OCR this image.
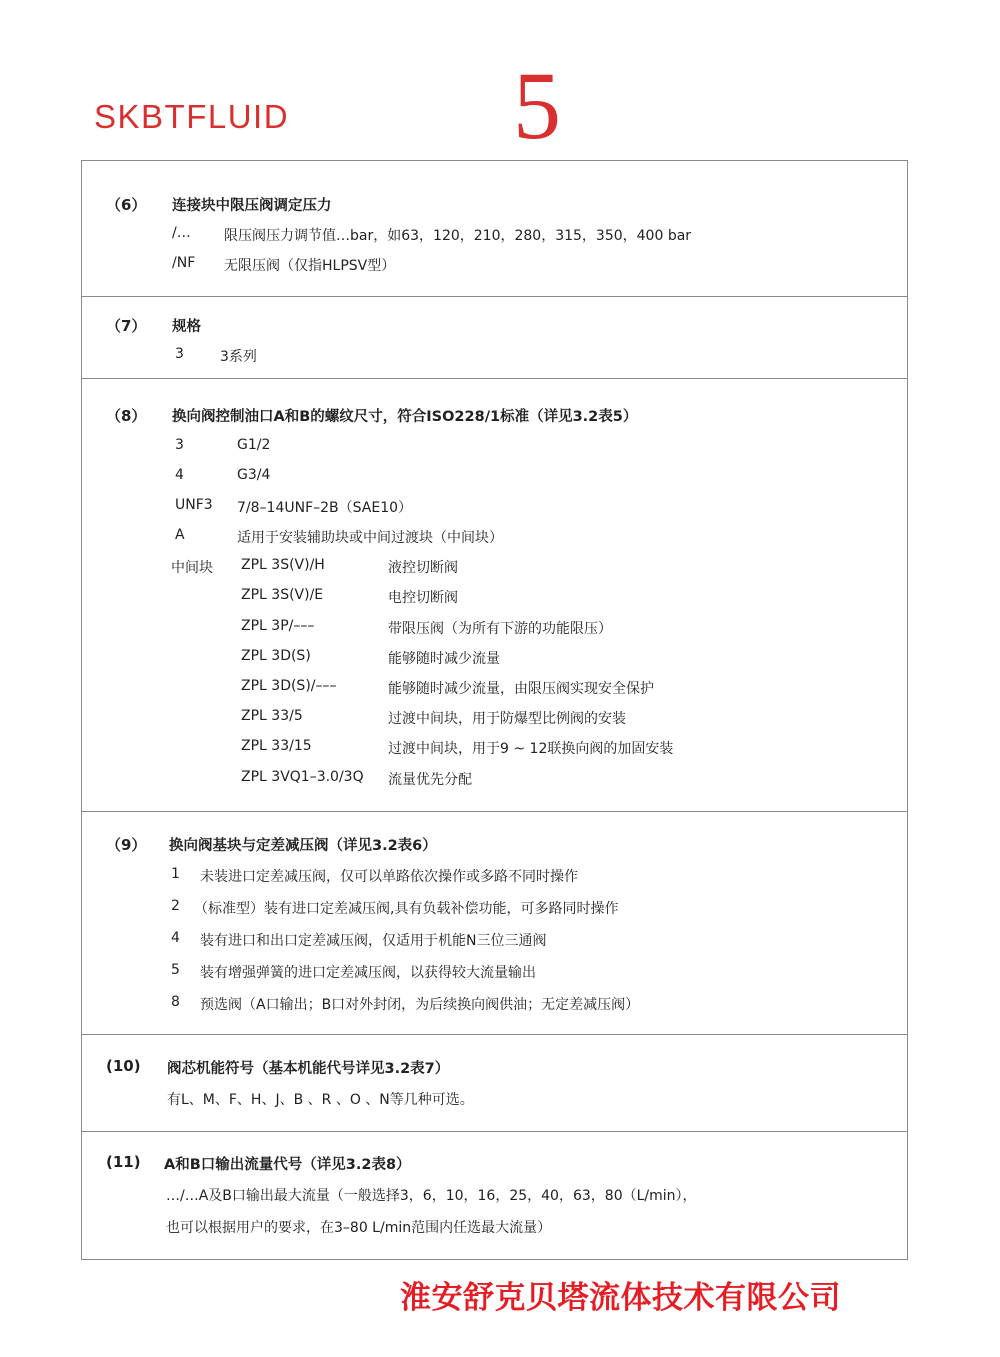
SKBTFLUID 5
（6） 连接块中限压阀调定压力
/… 限压阀压力调节值…bar，如63，120，210，280，315，350，400 bar
/NF 无限压阀（仅指HLPSV型）
（7） 规格
3	3系列
（8） 换向阀控制油口A和B的螺纹尺寸，符合ISO228/1标准（详见3.2表5）
3	G1/2
4	G3/4
UNF3 7/8–14UNF–2B（SAE10）
A	适用于安装辅助块或中间过渡块（中间块）
中间块 ZPL 3S(V)/H	液控切断阀
ZPL 3S(V)/E	电控切断阀
ZPL 3P/–––	带限压阀（为所有下游的功能限压）
ZPL 3D(S)	能够随时减少流量
ZPL 3D(S)/–––	能够随时减少流量，由限压阀实现安全保护
ZPL 33/5	过渡中间块，用于防爆型比例阀的安装
ZPL 33/15	过渡中间块，用于9 ~ 12联换向阀的加固安装
ZPL 3VQ1–3.0/3Q 流量优先分配
（9） 换向阀基块与定差减压阀（详见3.2表6）
1 未装进口定差减压阀，仅可以单路依次操作或多路不同时操作
2 （标准型）装有进口定差减压阀,具有负载补偿功能，可多路同时操作
4 装有进口和出口定差减压阀，仅适用于机能N三位三通阀
5 装有增强弹簧的进口定差减压阀，以获得较大流量输出
8 预选阀（A口输出；B口对外封闭，为后续换向阀供油；无定差减压阀）
(10) 阀芯机能符号（基本机能代号详见3.2表7）
有L、M、F、H、J、B 、R 、O 、N等几种可选。
(11) A和B口输出流量代号（详见3.2表8）
…/…A及B口输出最大流量（一般选择3，6，10，16，25，40，63，80（L/min），
也可以根据用户的要求，在3–80 L/min范围内任选最大流量）
淮安舒克贝塔流体技术有限公司
